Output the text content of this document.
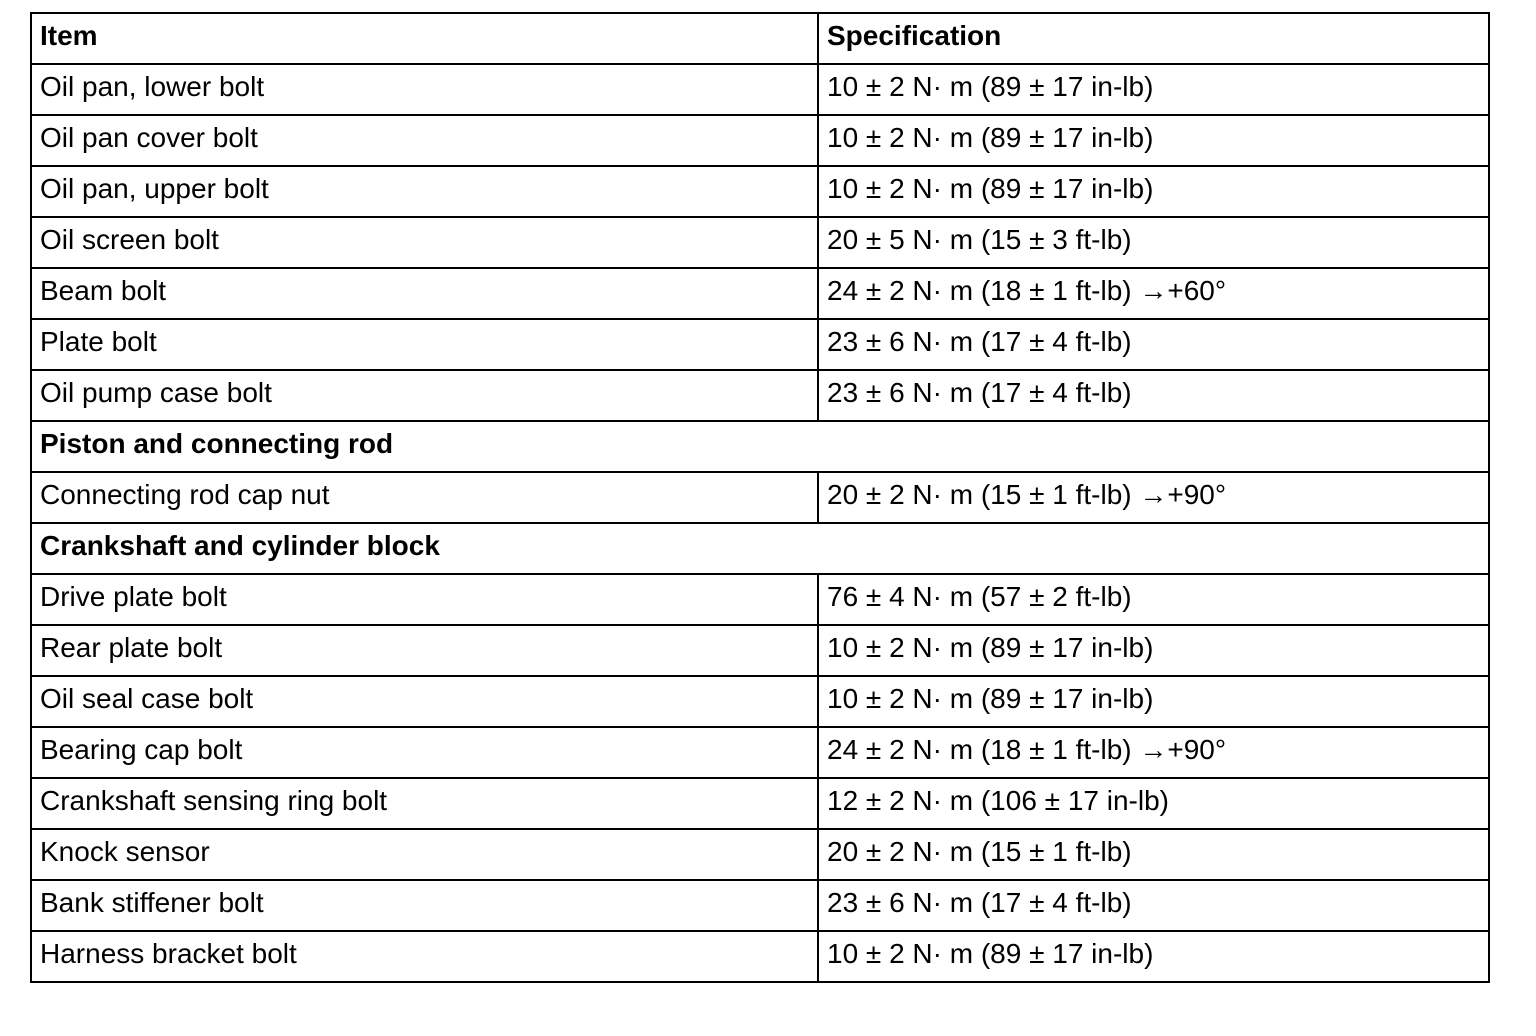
Item	Specification
Oil pan, lower bolt	10 ± 2 N· m (89 ± 17 in-lb)
Oil pan cover bolt	10 ± 2 N· m (89 ± 17 in-lb)
Oil pan, upper bolt	10 ± 2 N· m (89 ± 17 in-lb)
Oil screen bolt	20 ± 5 N· m (15 ± 3 ft-lb)
Beam bolt	24 ± 2 N· m (18 ± 1 ft-lb) →+60°
Plate bolt	23 ± 6 N· m (17 ± 4 ft-lb)
Oil pump case bolt	23 ± 6 N· m (17 ± 4 ft-lb)
Piston and connecting rod	
Connecting rod cap nut	20 ± 2 N· m (15 ± 1 ft-lb) →+90°
Crankshaft and cylinder block	
Drive plate bolt	76 ± 4 N· m (57 ± 2 ft-lb)
Rear plate bolt	10 ± 2 N· m (89 ± 17 in-lb)
Oil seal case bolt	10 ± 2 N· m (89 ± 17 in-lb)
Bearing cap bolt	24 ± 2 N· m (18 ± 1 ft-lb) →+90°
Crankshaft sensing ring bolt	12 ± 2 N· m (106 ± 17 in-lb)
Knock sensor	20 ± 2 N· m (15 ± 1 ft-lb)
Bank stiffener bolt	23 ± 6 N· m (17 ± 4 ft-lb)
Harness bracket bolt	10 ± 2 N· m (89 ± 17 in-lb)
